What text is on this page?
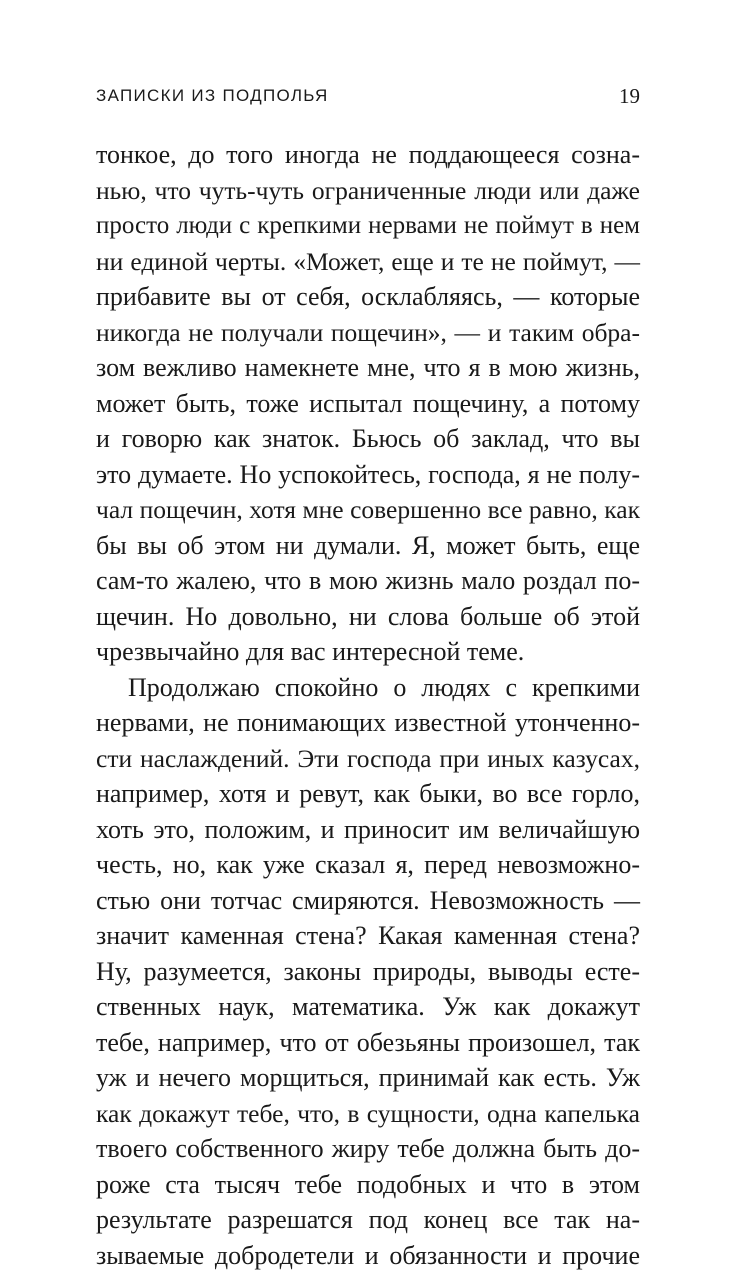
ЗАПИСКИ ИЗ ПОДПОЛЬЯ	19
тонкое, до того иногда не поддающееся созна-
нью, что чуть-чуть ограниченные люди или даже
просто люди с крепкими нервами не поймут в нем
ни единой черты. «Может, еще и те не поймут, —
прибавите вы от себя, осклабляясь, — которые
никогда не получали пощечин», — и таким обра-
зом вежливо намекнете мне, что я в мою жизнь,
может быть, тоже испытал пощечину, а потому
и говорю как знаток. Бьюсь об заклад, что вы
это думаете. Но успокойтесь, господа, я не полу-
чал пощечин, хотя мне совершенно все равно, как
бы вы об этом ни думали. Я, может быть, еще
сам-то жалею, что в мою жизнь мало роздал по-
щечин. Но довольно, ни слова больше об этой
чрезвычайно для вас интересной теме.
Продолжаю спокойно о людях с крепкими
нервами, не понимающих известной утонченно-
сти наслаждений. Эти господа при иных казусах,
например, хотя и ревут, как быки, во все горло,
хоть это, положим, и приносит им величайшую
честь, но, как уже сказал я, перед невозможно-
стью они тотчас смиряются. Невозможность —
значит каменная стена? Какая каменная стена?
Ну, разумеется, законы природы, выводы есте-
ственных наук, математика. Уж как докажут
тебе, например, что от обезьяны произошел, так
уж и нечего морщиться, принимай как есть. Уж
как докажут тебе, что, в сущности, одна капелька
твоего собственного жиру тебе должна быть до-
роже ста тысяч тебе подобных и что в этом
результате разрешатся под конец все так на-
зываемые добродетели и обязанности и прочие
